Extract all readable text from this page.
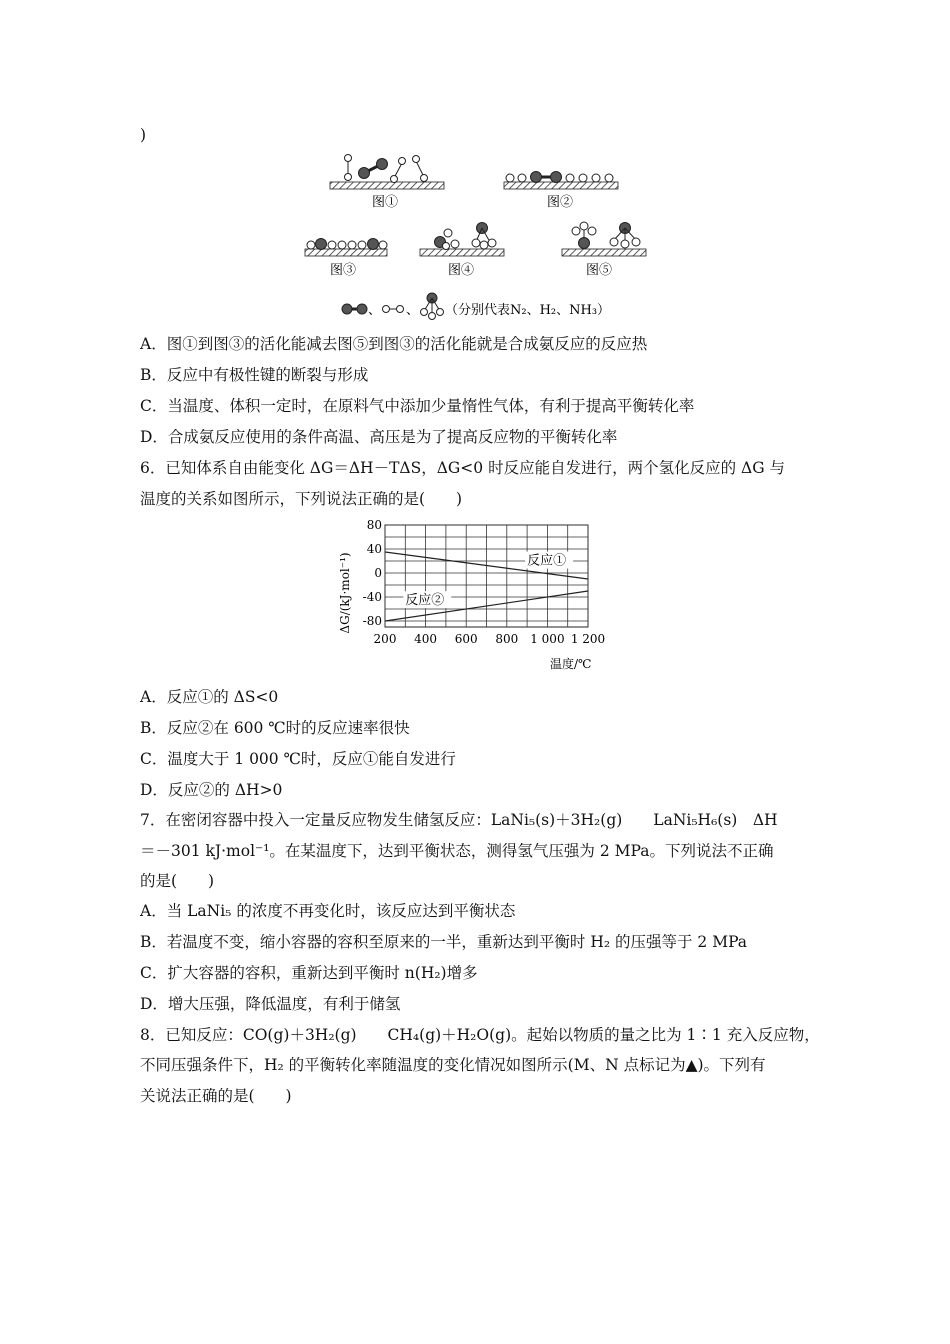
)
图①	图②
图③	图④	图⑤
、 、 （分别代表N₂、H₂、NH₃）
A．图①到图③的活化能减去图⑤到图③的活化能就是合成氨反应的反应热
B．反应中有极性键的断裂与形成
C．当温度、体积一定时，在原料气中添加少量惰性气体，有利于提高平衡转化率
D．合成氨反应使用的条件高温、高压是为了提高反应物的平衡转化率
6．已知体系自由能变化 ΔG＝ΔH－TΔS，ΔG<0 时反应能自发进行，两个氢化反应的 ΔG 与
温度的关系如图所示，下列说法正确的是(　　)
200 400 600 800 1 000 1 200
80
40
0
-40
-80
反应①
反应②
ΔG/(kJ·mol⁻¹)
温度/℃
A．反应①的 ΔS<0
B．反应②在 600 ℃时的反应速率很快
C．温度大于 1 000 ℃时，反应①能自发进行
D．反应②的 ΔH>0
7．在密闭容器中投入一定量反应物发生储氢反应：LaNi₅(s)＋3H₂(g)　　LaNi₅H₆(s)　ΔH
＝－301 kJ·mol⁻¹。在某温度下，达到平衡状态，测得氢气压强为 2 MPa。下列说法不正确
的是(　　)
A．当 LaNi₅ 的浓度不再变化时，该反应达到平衡状态
B．若温度不变，缩小容器的容积至原来的一半，重新达到平衡时 H₂ 的压强等于 2 MPa
C．扩大容器的容积，重新达到平衡时 n(H₂)增多
D．增大压强，降低温度，有利于储氢
8．已知反应：CO(g)＋3H₂(g)　　CH₄(g)＋H₂O(g)。起始以物质的量之比为 1∶1 充入反应物，
不同压强条件下，H₂ 的平衡转化率随温度的变化情况如图所示(M、N 点标记为▲)。下列有
关说法正确的是(　　)
